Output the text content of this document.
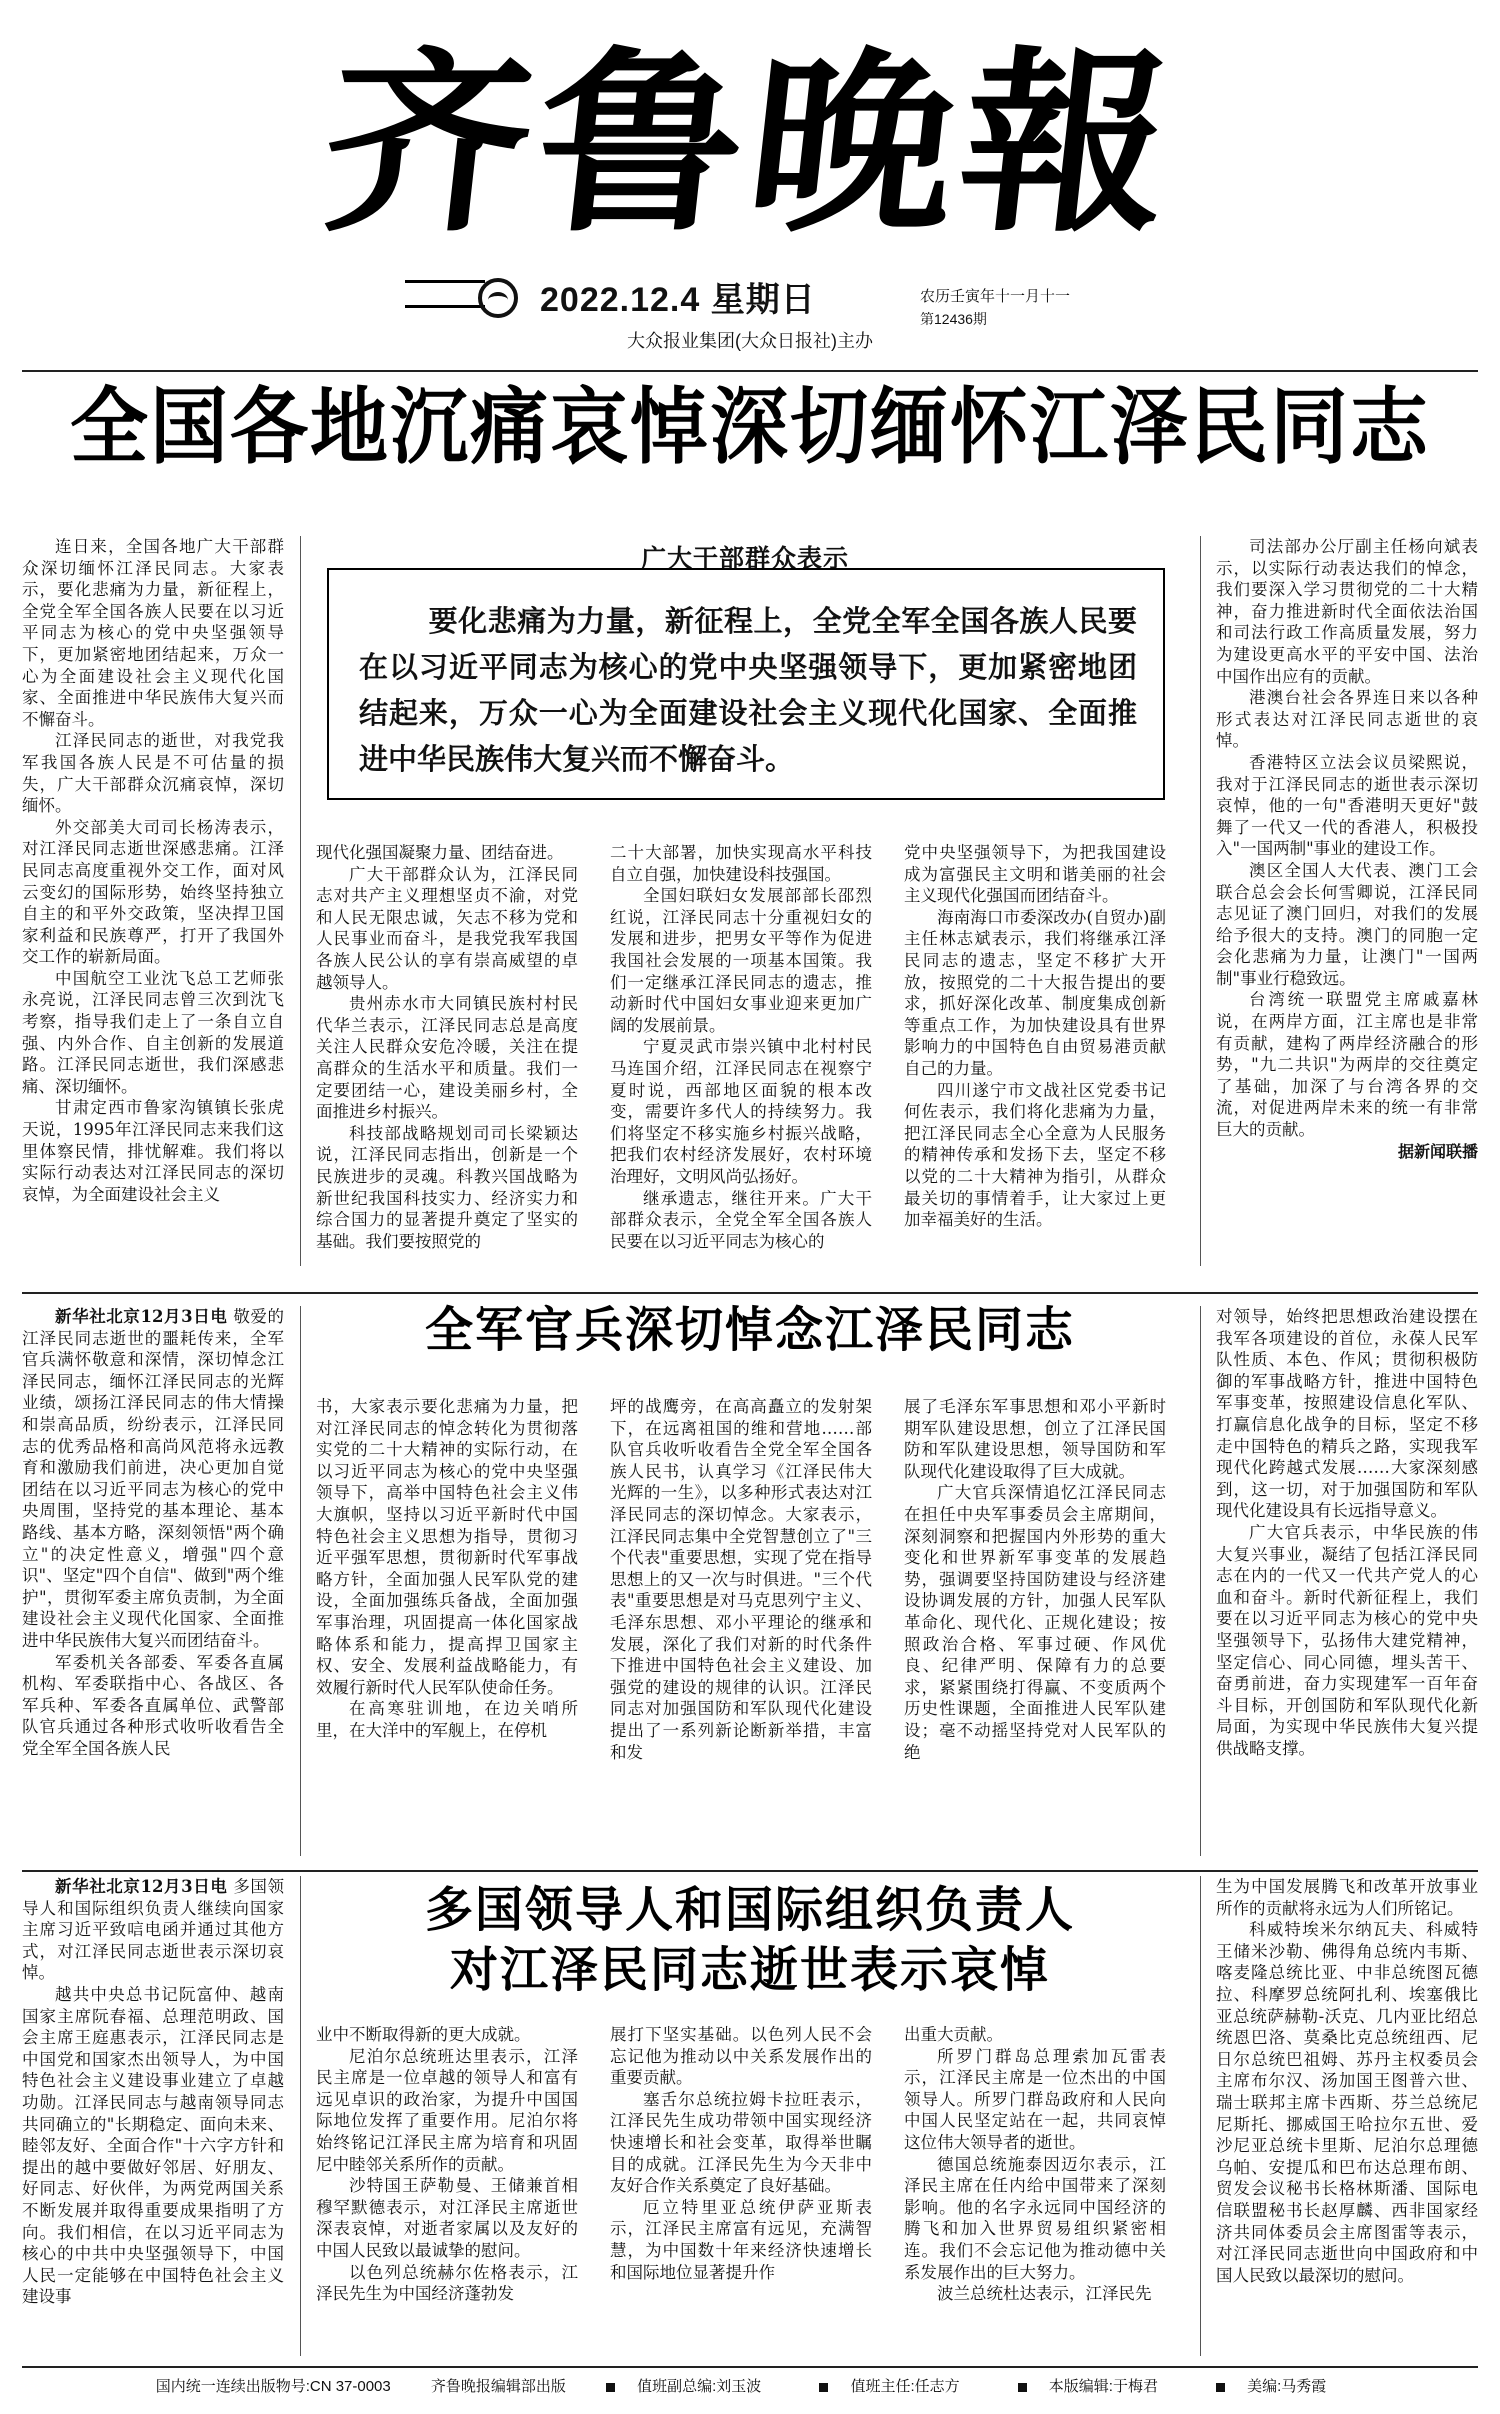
齐鲁晚報
2022.12.4 星期日	农历壬寅年十一月十一
第12436期
大众报业集团(大众日报社)主办
全国各地沉痛哀悼深切缅怀江泽民同志

连日来，全国各地广大干部群众深切缅怀江泽民同志。大家表示，要化悲痛为力量，新征程上，全党全军全国各族人民要在以习近平同志为核心的党中央坚强领导下，更加紧密地团结起来，万众一心为全面建设社会主义现代化国家、全面推进中华民族伟大复兴而不懈奋斗。

江泽民同志的逝世，对我党我军我国各族人民是不可估量的损失，广大干部群众沉痛哀悼，深切缅怀。

外交部美大司司长杨涛表示，对江泽民同志逝世深感悲痛。江泽民同志高度重视外交工作，面对风云变幻的国际形势，始终坚持独立自主的和平外交政策，坚决捍卫国家利益和民族尊严，打开了我国外交工作的崭新局面。

中国航空工业沈飞总工艺师张永亮说，江泽民同志曾三次到沈飞考察，指导我们走上了一条自立自强、内外合作、自主创新的发展道路。江泽民同志逝世，我们深感悲痛、深切缅怀。

甘肃定西市鲁家沟镇镇长张虎天说，1995年江泽民同志来我们这里体察民情，排忧解难。我们将以实际行动表达对江泽民同志的深切哀悼，为全面建设社会主义

广大干部群众表示
要化悲痛为力量，新征程上，全党全军全国各族人民要在以习近平同志为核心的党中央坚强领导下，更加紧密地团结起来，万众一心为全面建设社会主义现代化国家、全面推进中华民族伟大复兴而不懈奋斗。

现代化强国凝聚力量、团结奋进。

广大干部群众认为，江泽民同志对共产主义理想坚贞不渝，对党和人民无限忠诚，矢志不移为党和人民事业而奋斗，是我党我军我国各族人民公认的享有崇高威望的卓越领导人。

贵州赤水市大同镇民族村村民代华兰表示，江泽民同志总是高度关注人民群众安危冷暖，关注在提高群众的生活水平和质量。我们一定要团结一心，建设美丽乡村，全面推进乡村振兴。

科技部战略规划司司长梁颖达说，江泽民同志指出，创新是一个民族进步的灵魂。科教兴国战略为新世纪我国科技实力、经济实力和综合国力的显著提升奠定了坚实的基础。我们要按照党的

二十大部署，加快实现高水平科技自立自强，加快建设科技强国。

全国妇联妇女发展部部长邵烈红说，江泽民同志十分重视妇女的发展和进步，把男女平等作为促进我国社会发展的一项基本国策。我们一定继承江泽民同志的遗志，推动新时代中国妇女事业迎来更加广阔的发展前景。

宁夏灵武市崇兴镇中北村村民马连国介绍，江泽民同志在视察宁夏时说，西部地区面貌的根本改变，需要许多代人的持续努力。我们将坚定不移实施乡村振兴战略，把我们农村经济发展好，农村环境治理好，文明风尚弘扬好。

继承遗志，继往开来。广大干部群众表示，全党全军全国各族人民要在以习近平同志为核心的

党中央坚强领导下，为把我国建设成为富强民主文明和谐美丽的社会主义现代化强国而团结奋斗。

海南海口市委深改办(自贸办)副主任林志斌表示，我们将继承江泽民同志的遗志，坚定不移扩大开放，按照党的二十大报告提出的要求，抓好深化改革、制度集成创新等重点工作，为加快建设具有世界影响力的中国特色自由贸易港贡献自己的力量。

四川遂宁市文战社区党委书记何佐表示，我们将化悲痛为力量，把江泽民同志全心全意为人民服务的精神传承和发扬下去，坚定不移以党的二十大精神为指引，从群众最关切的事情着手，让大家过上更加幸福美好的生活。

司法部办公厅副主任杨向斌表示，以实际行动表达我们的悼念，我们要深入学习贯彻党的二十大精神，奋力推进新时代全面依法治国和司法行政工作高质量发展，努力为建设更高水平的平安中国、法治中国作出应有的贡献。

港澳台社会各界连日来以各种形式表达对江泽民同志逝世的哀悼。

香港特区立法会议员梁熙说，我对于江泽民同志的逝世表示深切哀悼，他的一句"香港明天更好"鼓舞了一代又一代的香港人，积极投入"一国两制"事业的建设工作。

澳区全国人大代表、澳门工会联合总会会长何雪卿说，江泽民同志见证了澳门回归，对我们的发展给予很大的支持。澳门的同胞一定会化悲痛为力量，让澳门"一国两制"事业行稳致远。

台湾统一联盟党主席戚嘉林说，在两岸方面，江主席也是非常有贡献，建构了两岸经济融合的形势，"九二共识"为两岸的交往奠定了基础，加深了与台湾各界的交流，对促进两岸未来的统一有非常巨大的贡献。

据新闻联播
全军官兵深切悼念江泽民同志

新华社北京12月3日电 敬爱的江泽民同志逝世的噩耗传来，全军官兵满怀敬意和深情，深切悼念江泽民同志，缅怀江泽民同志的光辉业绩，颂扬江泽民同志的伟大情操和崇高品质，纷纷表示，江泽民同志的优秀品格和高尚风范将永远教育和激励我们前进，决心更加自觉团结在以习近平同志为核心的党中央周围，坚持党的基本理论、基本路线、基本方略，深刻领悟"两个确立"的决定性意义，增强"四个意识"、坚定"四个自信"、做到"两个维护"，贯彻军委主席负责制，为全面建设社会主义现代化国家、全面推进中华民族伟大复兴而团结奋斗。

军委机关各部委、军委各直属机构、军委联指中心、各战区、各军兵种、军委各直属单位、武警部队官兵通过各种形式收听收看告全党全军全国各族人民

书，大家表示要化悲痛为力量，把对江泽民同志的悼念转化为贯彻落实党的二十大精神的实际行动，在以习近平同志为核心的党中央坚强领导下，高举中国特色社会主义伟大旗帜，坚持以习近平新时代中国特色社会主义思想为指导，贯彻习近平强军思想，贯彻新时代军事战略方针，全面加强人民军队党的建设，全面加强练兵备战，全面加强军事治理，巩固提高一体化国家战略体系和能力，提高捍卫国家主权、安全、发展利益战略能力，有效履行新时代人民军队使命任务。

在高寒驻训地，在边关哨所里，在大洋中的军舰上，在停机

坪的战鹰旁，在高高矗立的发射架下，在远离祖国的维和营地……部队官兵收听收看告全党全军全国各族人民书，认真学习《江泽民伟大光辉的一生》，以多种形式表达对江泽民同志的深切悼念。大家表示，江泽民同志集中全党智慧创立了"三个代表"重要思想，实现了党在指导思想上的又一次与时俱进。"三个代表"重要思想是对马克思列宁主义、毛泽东思想、邓小平理论的继承和发展，深化了我们对新的时代条件下推进中国特色社会主义建设、加强党的建设的规律的认识。江泽民同志对加强国防和军队现代化建设提出了一系列新论断新举措，丰富和发

展了毛泽东军事思想和邓小平新时期军队建设思想，创立了江泽民国防和军队建设思想，领导国防和军队现代化建设取得了巨大成就。

广大官兵深情追忆江泽民同志在担任中央军事委员会主席期间，深刻洞察和把握国内外形势的重大变化和世界新军事变革的发展趋势，强调要坚持国防建设与经济建设协调发展的方针，加强人民军队革命化、现代化、正规化建设；按照政治合格、军事过硬、作风优良、纪律严明、保障有力的总要求，紧紧围绕打得赢、不变质两个历史性课题，全面推进人民军队建设；毫不动摇坚持党对人民军队的绝

对领导，始终把思想政治建设摆在我军各项建设的首位，永葆人民军队性质、本色、作风；贯彻积极防御的军事战略方针，推进中国特色军事变革，按照建设信息化军队、打赢信息化战争的目标，坚定不移走中国特色的精兵之路，实现我军现代化跨越式发展……大家深刻感到，这一切，对于加强国防和军队现代化建设具有长远指导意义。

广大官兵表示，中华民族的伟大复兴事业，凝结了包括江泽民同志在内的一代又一代共产党人的心血和奋斗。新时代新征程上，我们要在以习近平同志为核心的党中央坚强领导下，弘扬伟大建党精神，坚定信心、同心同德，埋头苦干、奋勇前进，奋力实现建军一百年奋斗目标，开创国防和军队现代化新局面，为实现中华民族伟大复兴提供战略支撑。

多国领导人和国际组织负责人
对江泽民同志逝世表示哀悼

新华社北京12月3日电 多国领导人和国际组织负责人继续向国家主席习近平致唁电函并通过其他方式，对江泽民同志逝世表示深切哀悼。

越共中央总书记阮富仲、越南国家主席阮春福、总理范明政、国会主席王庭惠表示，江泽民同志是中国党和国家杰出领导人，为中国特色社会主义建设事业建立了卓越功勋。江泽民同志与越南领导同志共同确立的"长期稳定、面向未来、睦邻友好、全面合作"十六字方针和提出的越中要做好邻居、好朋友、好同志、好伙伴，为两党两国关系不断发展并取得重要成果指明了方向。我们相信，在以习近平同志为核心的中共中央坚强领导下，中国人民一定能够在中国特色社会主义建设事

业中不断取得新的更大成就。

尼泊尔总统班达里表示，江泽民主席是一位卓越的领导人和富有远见卓识的政治家，为提升中国国际地位发挥了重要作用。尼泊尔将始终铭记江泽民主席为培育和巩固尼中睦邻关系所作的贡献。

沙特国王萨勒曼、王储兼首相穆罕默德表示，对江泽民主席逝世深表哀悼，对逝者家属以及友好的中国人民致以最诚挚的慰问。

以色列总统赫尔佐格表示，江泽民先生为中国经济蓬勃发

展打下坚实基础。以色列人民不会忘记他为推动以中关系发展作出的重要贡献。

塞舌尔总统拉姆卡拉旺表示，江泽民先生成功带领中国实现经济快速增长和社会变革，取得举世瞩目的成就。江泽民先生为今天非中友好合作关系奠定了良好基础。

厄立特里亚总统伊萨亚斯表示，江泽民主席富有远见，充满智慧，为中国数十年来经济快速增长和国际地位显著提升作

出重大贡献。

所罗门群岛总理索加瓦雷表示，江泽民主席是一位杰出的中国领导人。所罗门群岛政府和人民向中国人民坚定站在一起，共同哀悼这位伟大领导者的逝世。

德国总统施泰因迈尔表示，江泽民主席在任内给中国带来了深刻影响。他的名字永远同中国经济的腾飞和加入世界贸易组织紧密相连。我们不会忘记他为推动德中关系发展作出的巨大努力。

波兰总统杜达表示，江泽民先

生为中国发展腾飞和改革开放事业所作的贡献将永远为人们所铭记。

科威特埃米尔纳瓦夫、科威特王储米沙勒、佛得角总统内韦斯、喀麦隆总统比亚、中非总统图瓦德拉、科摩罗总统阿扎利、埃塞俄比亚总统萨赫勒-沃克、几内亚比绍总统恩巴洛、莫桑比克总统纽西、尼日尔总统巴祖姆、苏丹主权委员会主席布尔汉、汤加国王图普六世、瑞士联邦主席卡西斯、芬兰总统尼尼斯托、挪威国王哈拉尔五世、爱沙尼亚总统卡里斯、尼泊尔总理德乌帕、安提瓜和巴布达总理布朗、贸发会议秘书长格林斯潘、国际电信联盟秘书长赵厚麟、西非国家经济共同体委员会主席图雷等表示，对江泽民同志逝世向中国政府和中国人民致以最深切的慰问。

国内统一连续出版物号:CN 37-0003	齐鲁晚报编辑部出版	值班副总编:刘玉波	值班主任:任志方	本版编辑:于梅君	美编:马秀霞
